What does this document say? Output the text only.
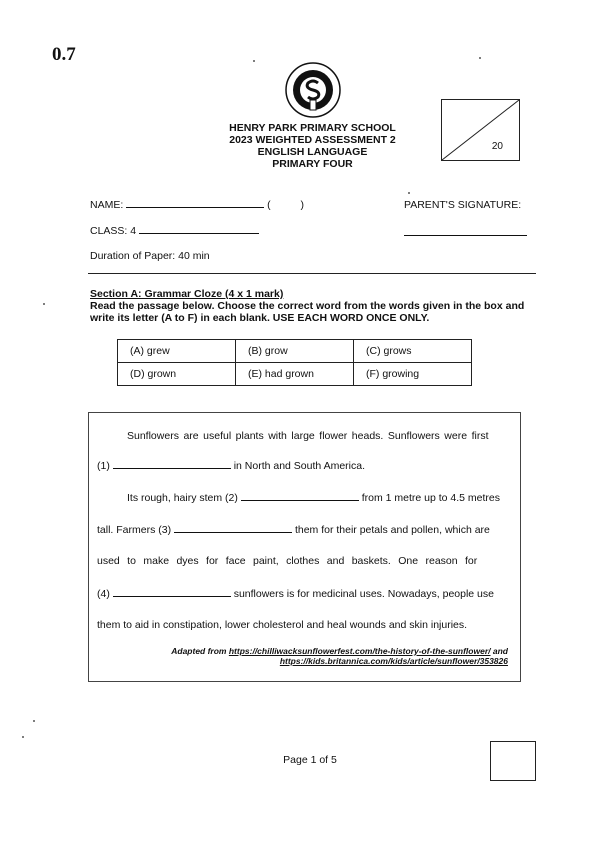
0.7
HENRY PARK PRIMARY SCHOOL
2023 WEIGHTED ASSESSMENT 2
ENGLISH LANGUAGE
PRIMARY FOUR
20
NAME:	(	)	PARENT'S SIGNATURE:
CLASS: 4
Duration of Paper: 40 min
Section A: Grammar Cloze (4 x 1 mark)
Read the passage below. Choose the correct word from the words given in the box and write its letter (A to F) in each blank. USE EACH WORD ONCE ONLY.
(A) grew	(B) grow	(C) grows
(D) grown	(E) had grown	(F) growing
Sunflowers are useful plants with large flower heads. Sunflowers were first
(1)	in North and South America.
Its rough, hairy stem (2)	from 1 metre up to 4.5 metres
tall. Farmers (3)	them for their petals and pollen, which are
used to make dyes for face paint, clothes and baskets. One reason for
(4)	sunflowers is for medicinal uses. Nowadays, people use
them to aid in constipation, lower cholesterol and heal wounds and skin injuries.
Adapted from https://chilliwacksunflowerfest.com/the-history-of-the-sunflower/ and
https://kids.britannica.com/kids/article/sunflower/353826
Page 1 of 5
